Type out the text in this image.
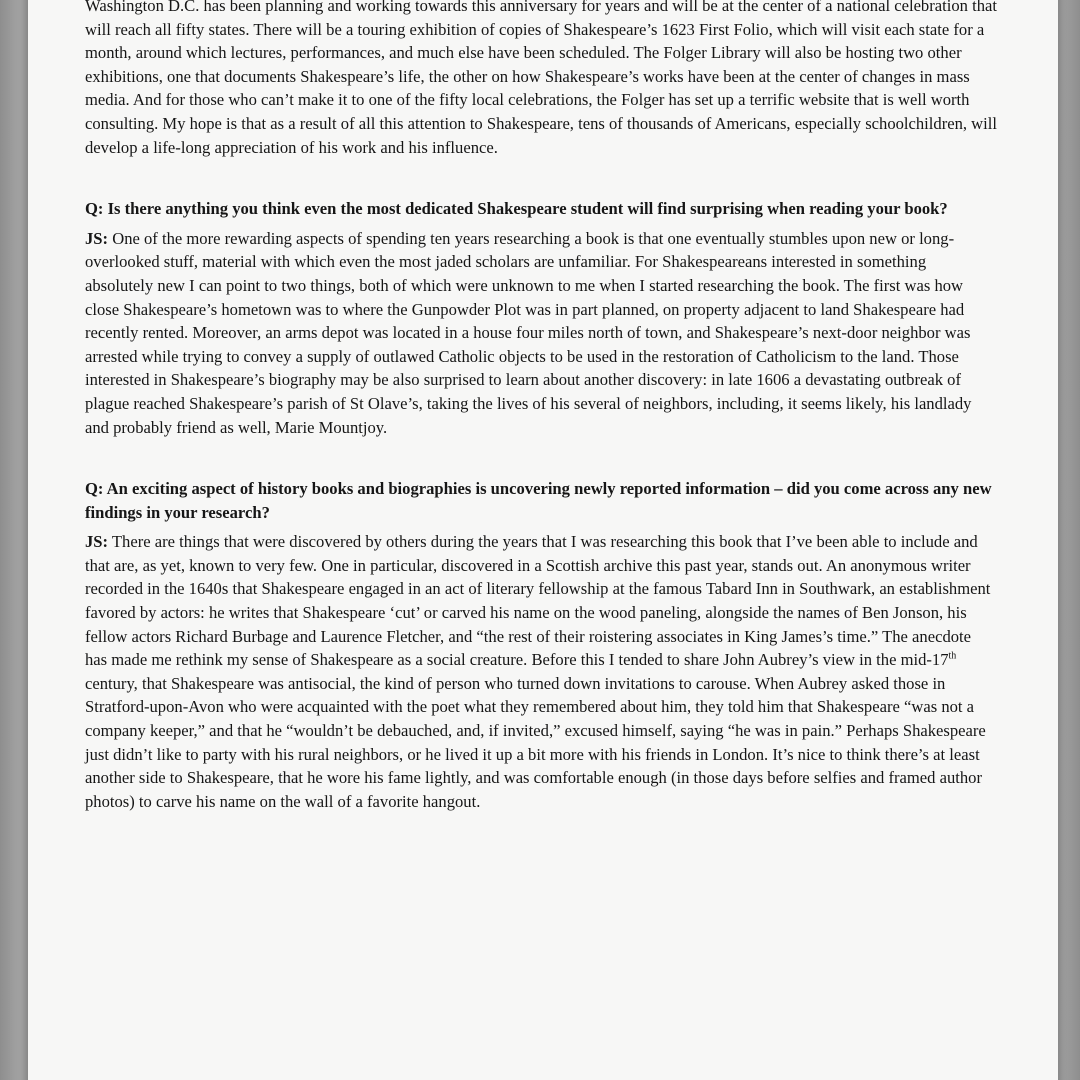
Washington D.C. has been planning and working towards this anniversary for years and will be at the center of a national celebration that will reach all fifty states. There will be a touring exhibition of copies of Shakespeare’s 1623 First Folio, which will visit each state for a month, around which lectures, performances, and much else have been scheduled. The Folger Library will also be hosting two other exhibitions, one that documents Shakespeare’s life, the other on how Shakespeare’s works have been at the center of changes in mass media. And for those who can’t make it to one of the fifty local celebrations, the Folger has set up a terrific website that is well worth consulting. My hope is that as a result of all this attention to Shakespeare, tens of thousands of Americans, especially schoolchildren, will develop a life-long appreciation of his work and his influence.

Q: Is there anything you think even the most dedicated Shakespeare student will find surprising when reading your book?

JS: One of the more rewarding aspects of spending ten years researching a book is that one eventually stumbles upon new or long-overlooked stuff, material with which even the most jaded scholars are unfamiliar. For Shakespeareans interested in something absolutely new I can point to two things, both of which were unknown to me when I started researching the book. The first was how close Shakespeare’s hometown was to where the Gunpowder Plot was in part planned, on property adjacent to land Shakespeare had recently rented. Moreover, an arms depot was located in a house four miles north of town, and Shakespeare’s next-door neighbor was arrested while trying to convey a supply of outlawed Catholic objects to be used in the restoration of Catholicism to the land. Those interested in Shakespeare’s biography may be also surprised to learn about another discovery: in late 1606 a devastating outbreak of plague reached Shakespeare’s parish of St Olave’s, taking the lives of his several of neighbors, including, it seems likely, his landlady and probably friend as well, Marie Mountjoy.

Q: An exciting aspect of history books and biographies is uncovering newly reported information – did you come across any new findings in your research?

JS: There are things that were discovered by others during the years that I was researching this book that I’ve been able to include and that are, as yet, known to very few. One in particular, discovered in a Scottish archive this past year, stands out. An anonymous writer recorded in the 1640s that Shakespeare engaged in an act of literary fellowship at the famous Tabard Inn in Southwark, an establishment favored by actors: he writes that Shakespeare ‘cut’ or carved his name on the wood paneling, alongside the names of Ben Jonson, his fellow actors Richard Burbage and Laurence Fletcher, and “the rest of their roistering associates in King James’s time.” The anecdote has made me rethink my sense of Shakespeare as a social creature. Before this I tended to share John Aubrey’s view in the mid-17th century, that Shakespeare was antisocial, the kind of person who turned down invitations to carouse. When Aubrey asked those in Stratford-upon-Avon who were acquainted with the poet what they remembered about him, they told him that Shakespeare “was not a company keeper,” and that he “wouldn’t be debauched, and, if invited,” excused himself, saying “he was in pain.” Perhaps Shakespeare just didn’t like to party with his rural neighbors, or he lived it up a bit more with his friends in London. It’s nice to think there’s at least another side to Shakespeare, that he wore his fame lightly, and was comfortable enough (in those days before selfies and framed author photos) to carve his name on the wall of a favorite hangout.
